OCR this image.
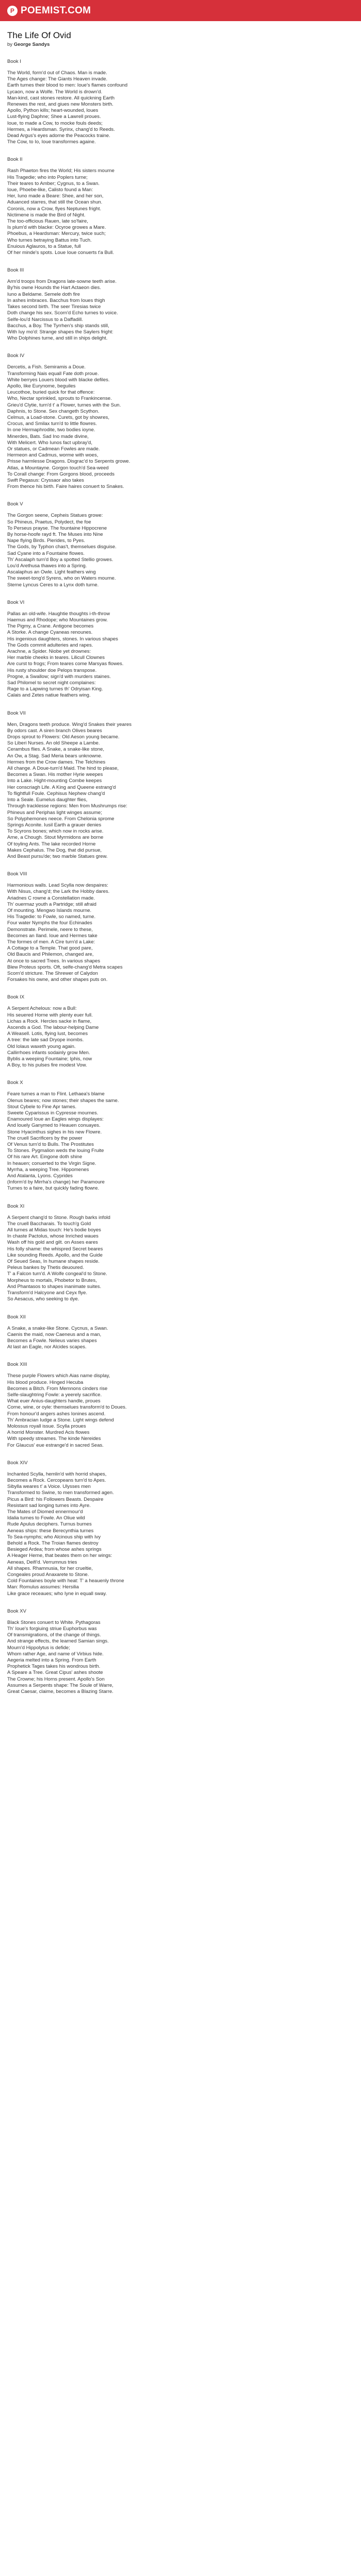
P POEMIST.COM
The Life Of Ovid
by George Sandys
Book I
The World, form'd out of Chaos. Man is made.
The Ages change: The Giants Heaven invade.
Earth turnes their blood to men: Ioue's flames confound
Lycaon, now a Wolfe. The World is drown'd.
Man-kind, cast stones restore. All quickning Earth
Renewes the rest, and giues new Monsters birth.
Apollo, Python kills; heart-wounded, loues
Lust-flying Daphne; Shee a Lawrell proues.
Ioue, to made a Cow, to mocke fouls deeds;
Hermes, a Heardsman. Syrinx, chang'd to Reeds.
Dead Argus's eyes adorne the Peacocks traine.
The Cow, to Io, Ioue transformes againe.
Book II
Rash Phaeton fires the World; His sisters mourne
His Tragedie; who into Poplers turne;
Their teares to Amber; Cygnus, to a Swan.
Ioue, Phoebe-like, Calisto found a Man:
Her, Iuno made a Beare: Shee, and her son,
Aduanced starres, that still the Ocean shun.
Coronis, now a Crow, flyes Neptunes fright.
Nictimene is made the Bird of Night.
The too-officious Rauen, late so'faire,
Is plum'd with blacke: Ocyroe growes a Mare.
Phoebus, a Heardsman: Mercury, twice such;
Who turnes betraying Battus into Tuch.
Enuious Aglauros, to a Statue, full
Of her minde's spots. Loue Ioue conuerts t'a Bull.
Book III
Arm'd troops from Dragons late-sowne teeth arise.
By'his owne Hounds the Hart Actaeon dies.
Iuno a Beldame. Semele doth fire
In ashes imbraces. Bacchus from Ioues thigh
Takes second birth. The seer Tiresias twice
Doth change his sex. Scorn'd Echo turnes to voice.
Selfe-lou'd Narcissus to a Daffadill.
Bacchus, a Boy. The Tyrrhen's ship stands still,
With Iuy mo'd: Strange shapes the Saylers fright:
Who Dolphines turne, and still in ships delight.
Book IV
Dercetis, a Fish. Semiramis a Doue.
Transforming Nais equall Fate doth proue.
White berryes Louers blood with blacke defiles.
Apollo, like Eurynome, beguiles
Leucothoe, buried quick for that offence:
Who, Nectar sprinkled, sprouts to Frankincense.
Grieu'd Clytie, turn'd t' a Flower, turnes with the Sun.
Daphnis, to Stone. Sex changeth Scython.
Celmus, a Load-stone. Curets, got by showres,
Crocus, and Smilax turn'd to little flowres.
In one Hermaphrodite, two bodies ioyne.
Minerdes, Bats. Sad Ino made divine,
With Melicert. Who Iunos fact upbray'd,
Or statues, or Cadmean Fowles are made.
Hermeon and Cadmus, worme with woes,
Prisse harmlesse Dragons. Disgrac'd to Serpents growe.
Atlas, a Mountayne. Gorgon touch'd Sea-weed
To Corall change: From Gorgons blood, proceeds
Swift Pegasus: Cryssaor also takes
From thence his birth. Faire haires conuert to Snakes.
Book V
The Gorgon seene, Cepheis Statues growe:
So Phineus, Praetus, Polydect, the foe
To Perseus prayse. The fountaine Hippocrene
By horse-hoofe rayd ft. The Muses into Nine
Nape flying Birds. Pierides, to Pyes.
The Gods, by Typhon chas't, themselues disguise.
Sad Cyane into a Fountaine flowes.
Th' Ascalaph turn'd Boy a spotted Stellio growes.
Lou'd Arethusa thawes into a Spring.
Ascalaphus an Owle. Light feathers wing
The sweet-tong'd Syrens, who on Waters mourne.
Sterne Lyncus Ceres to a Lynx doth turne.
Book VI
Pallas an old-wife. Haughtie thoughts i-th-throw
Haemus and Rhodope; who Mountaines grow.
The Pigmy, a Crane. Antigone becomes
A Storke. A change Cyaneas renounes.
His ingenious daughters, stones. In various shapes
The Gods commit adulteries and rapes.
Arachne, a Spider. Niobe yet drownes:
Her marble cheeks in teares. Lilicull Clownes
Are curst to frogs; From teares come Marsyas flowes.
His rusty shoulder doe Pelops transpose.
Progne, a Swallow; sign'd with murders staines.
Sad Philomel to secret night complaines:
Rage to a Lapwing turnes th' Odryisan King.
Calais and Zetes natiue feathers wing.
Book VII
Men, Dragons teeth produce. Wing'd Snakes their yeares
By odors cast. A siren branch Olives beares
Drops sprout to Flowers: Old Aeson young became.
So Liberi Nurses. An old Sheepe a Lambe.
Cerambus flies. A Snake, a snake-like stone,
An Ow, a Stag. Sad Meria bears unknowne.
Hermes from the Crow dames. The Telchines
All change. A Doue-turn'd Maid. The hind to please,
Becomes a Swan. His mother Hyrie weepes
Into a Lake. Hight-mounting Combe keepes
Her conscriagh Life. A King and Queene estrang'd
To flightfull Foule. Cephisus Nephew chang'd
Into a Seale. Eumelus daughter flies,
Through tracklesse regions: Men from Mushrumps rise:
Phineus and Periphas light winges assume;
So Polyphemones neece. From Chelonia sprome
Springs Aconite. Iusil Earth a grauer denies
To Scyrons bones; which now in rocks arise.
Arne, a Chough. Stout Myrmidons are borne
Of toyling Ants. The lake recorded Horne
Makes Cephalus. The Dog, that did pursue,
And Beast pursu'de; two marble Statues grew.
Book VIII
Harmonious walls. Lead Scylla now despaires:
With Nisus, chang'd; the Lark the Hobby dares.
Ariadnes C rowne a Constellation made.
Th' ouermaz youth a Partridge; still afraid
Of mounting. Mengwo Islands mourne.
His Tragedie: to Fowle, so named, turne.
Four water Nymphs the four Echinades
Demonstrate. Perimele, neere to these,
Becomes an Iland. Ioue and Hermes take
The formes of men. A Cire turn'd a Lake:
A Cottage to a Temple. That good pare,
Old Baucis and Philemon, changed are,
At once to sacred Trees. In various shapes
Blew Proteus sports. Oft, selfe-chang'd Metra scapes
Scorn'd stricture. The Shrewer of Calydon
Forsakes his owne, and other shapes puts on.
Book IX
A Serpent Achelous: now a Bull:
His seuered Horne with plenty euer full.
Lichas a Rock. Hercles sacke in flame,
Ascends a God. The labour-helping Dame
A Weasell. Lotis, flying lust, becomes
A tree: the late sad Dryope inombs.
Old Iolaus waxeth young again.
Callirrhoes infants sodainly grow Men.
Byblis a weeping Fountaine; Iphis, now
A Boy, to his pulses fire modest Vow.
Book X
Feare turnes a man to Flint. Lethaea's blame
Olenus beares; now stones; their shapes the same.
Stout Cybele to Fine Apr tames.
Sweete Cyparissus in Cypresse mournes.
Enamoured Ioue an Eagles wings displayes:
And louely Ganymed to Heauen conuayes.
Stone Hyacinthus sighes in his new Flowre.
The cruell Sacrificers by the power
Of Venus turn'd to Bulls. The Prostitutes
To Stones. Pygmalion weds the louing Fruite
Of his rare Art. Eingone doth shine
In heauen; conuerted to the Virgin Signe.
Myrrha, a weeping Tree. Hippomenes
And Atalanta, Lyons. Cyprides
(Inform'd by Mirrha's change) her Paramoure
Turnes to a faire, but quickly fading flowre.
Book XI
A Serpent chang'd to Stone. Rough barks infold
The cruell Baccharais. To touch'g Gold
All turnes at Midas touch: He's bodie boyes
In chaste Pactolus, whose Inriched waues
Wash off his gold and gilt. on Asses eares
His folly shame: the whispred Secret beares
Like sounding Reeds. Apollo, and the Guide
Of Seued Seas, In humane shapes reside.
Peleus bankes by Thetis deuoured.
T' a Falcon turn'd. A Wolfe congeal'd to Stone.
Morpheus to mortals, Phobetor to Brutes,
And Phantasos to shapes inanimate suites.
Transform'd Halcyone and Ceyx flye.
So Aesacus, who seeking to dye.
Book XII
A Snake, a snake-like Stone. Cycnus, a Swan.
Caenis the maid, now Caeneus and a man,
Becomes a Fowle. Nelieus varies shapes
At last an Eagle, nor Alcides scapes.
Book XIII
These purple Flowers which Aias name display,
His blood produce. Hinged Hecuba
Becomes a Bitch. From Memnons cinders rise
Selfe-slaughtring Fowle: a yeerely sacrifice.
What euer Anius-daughters handle, proues
Corne, wine, or oyle: themselues transform'd to Doues.
From honour'd angers ashes Ionines ascend.
Th' Ambracian Iudge a Stone. Light wings defend
Molossus royall issue. Scylla proues
A horrid Monster. Murdred Acis flowes
With speedy streames. The kinde Nereides
For Glaucus' eue estrange'd in sacred Seas.
Book XIV
Inchanted Scylla, hemlin'd with horrid shapes,
Becomes a Rock. Cercopeans turn'd to Apes.
Sibylla weares t' a Voice. Ulysses men
Transformed to Swine, to men transformed agen.
Picus a Bird: his Followers Beasts. Despaire
Resistant sad longing turnes into Ayre.
The Mates of Diomed ennermour'd
Idalia turnes to Fowle. An Oliue wild
Rude Apulus deciphers. Turnus burnes
Aeneas ships: these Berecynthia turnes
To Sea-nymphs; who Alcinous ship with Ivy
Behold a Rock. The Troian flames destroy
Besieged Ardea; from whose ashes springs
A Heager Herne, that beates them on her wings:
Aeneas, Deifi'd. Verrumnus tries
All shapes. Rhamnusia, for her crueltie,
Congeales proud Anaxarete to Stone.
Cold Fountaines boyle with heat: T' a heauenly throne
Man: Romulus assumes: Hersilia
Like grace receaues; who Iyne in equall sway.
Book XV
Black Stones conuert to White. Pythagoras
Th' Ioue's forgiuing striue Euphorbus was
Of transmigrations, of the change of things.
And strange effects, the learned Samian sings.
Mourn'd Hippolytus is defide;
Whom rather Age, and name of Virbius hide.
Aegeria melted into a Spring. From Earth
Prophetick Tages takes his wondrous birth.
A Speare a Tree. Great Cipus' ashes shoote
The Crowne; his Horns present. Apollo's Son
Assumes a Serpents shape: The Soule of Warre,
Great Caesar, claime, becomes a Blazing Starre.
